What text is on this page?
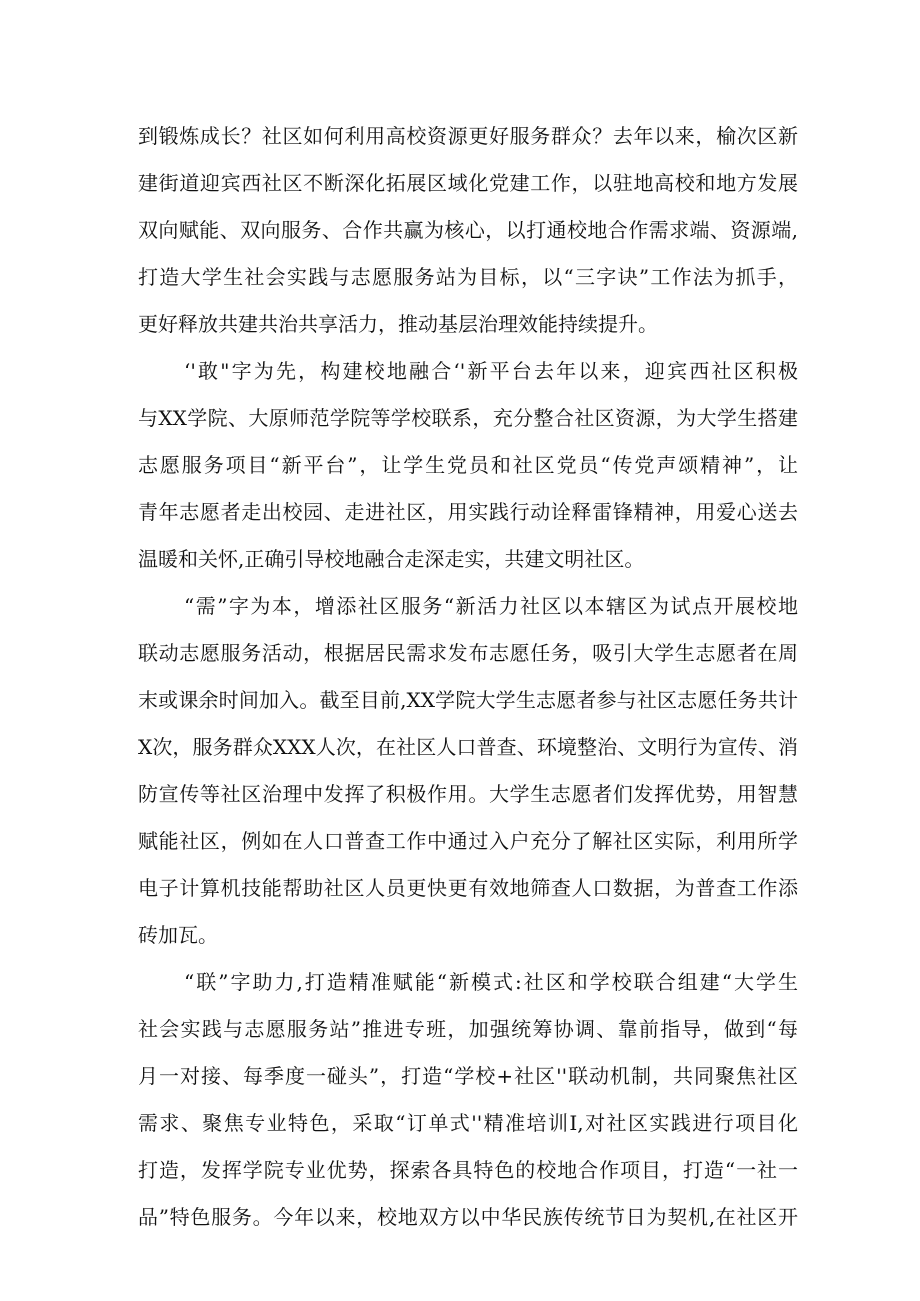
到锻炼成长？社区如何利用高校资源更好服务群众？去年以来，榆次区新
建街道迎宾西社区不断深化拓展区域化党建工作，以驻地高校和地方发展
双向赋能、双向服务、合作共赢为核心，以打通校地合作需求端、资源端,
打造大学生社会实践与志愿服务站为目标，以“三字诀”工作法为抓手，
更好释放共建共治共享活力，推动基层治理效能持续提升。
‘'敢"字为先，构建校地融合‘'新平台去年以来，迎宾西社区积极
与XX学院、大原师范学院等学校联系，充分整合社区资源，为大学生搭建
志愿服务项目“新平台”，让学生党员和社区党员“传党声颂精神”，让
青年志愿者走出校园、走进社区，用实践行动诠释雷锋精神，用爱心送去
温暖和关怀,正确引导校地融合走深走实，共建文明社区。
“需”字为本，增添社区服务“新活力社区以本辖区为试点开展校地
联动志愿服务活动，根据居民需求发布志愿任务，吸引大学生志愿者在周
末或课余时间加入。截至目前,XX学院大学生志愿者参与社区志愿任务共计
X次，服务群众XXX人次，在社区人口普查、环境整治、文明行为宣传、消
防宣传等社区治理中发挥了积极作用。大学生志愿者们发挥优势，用智慧
赋能社区，例如在人口普查工作中通过入户充分了解社区实际，利用所学
电子计算机技能帮助社区人员更快更有效地筛查人口数据，为普查工作添
砖加瓦。
“联”字助力,打造精准赋能“新模式:社区和学校联合组建“大学生
社会实践与志愿服务站”推进专班，加强统筹协调、靠前指导，做到“每
月一对接、每季度一碰头”，打造“学校+社区''联动机制，共同聚焦社区
需求、聚焦专业特色，采取“订单式''精准培训I,对社区实践进行项目化
打造，发挥学院专业优势，探索各具特色的校地合作项目，打造“一社一
品”特色服务。今年以来，校地双方以中华民族传统节日为契机,在社区开
